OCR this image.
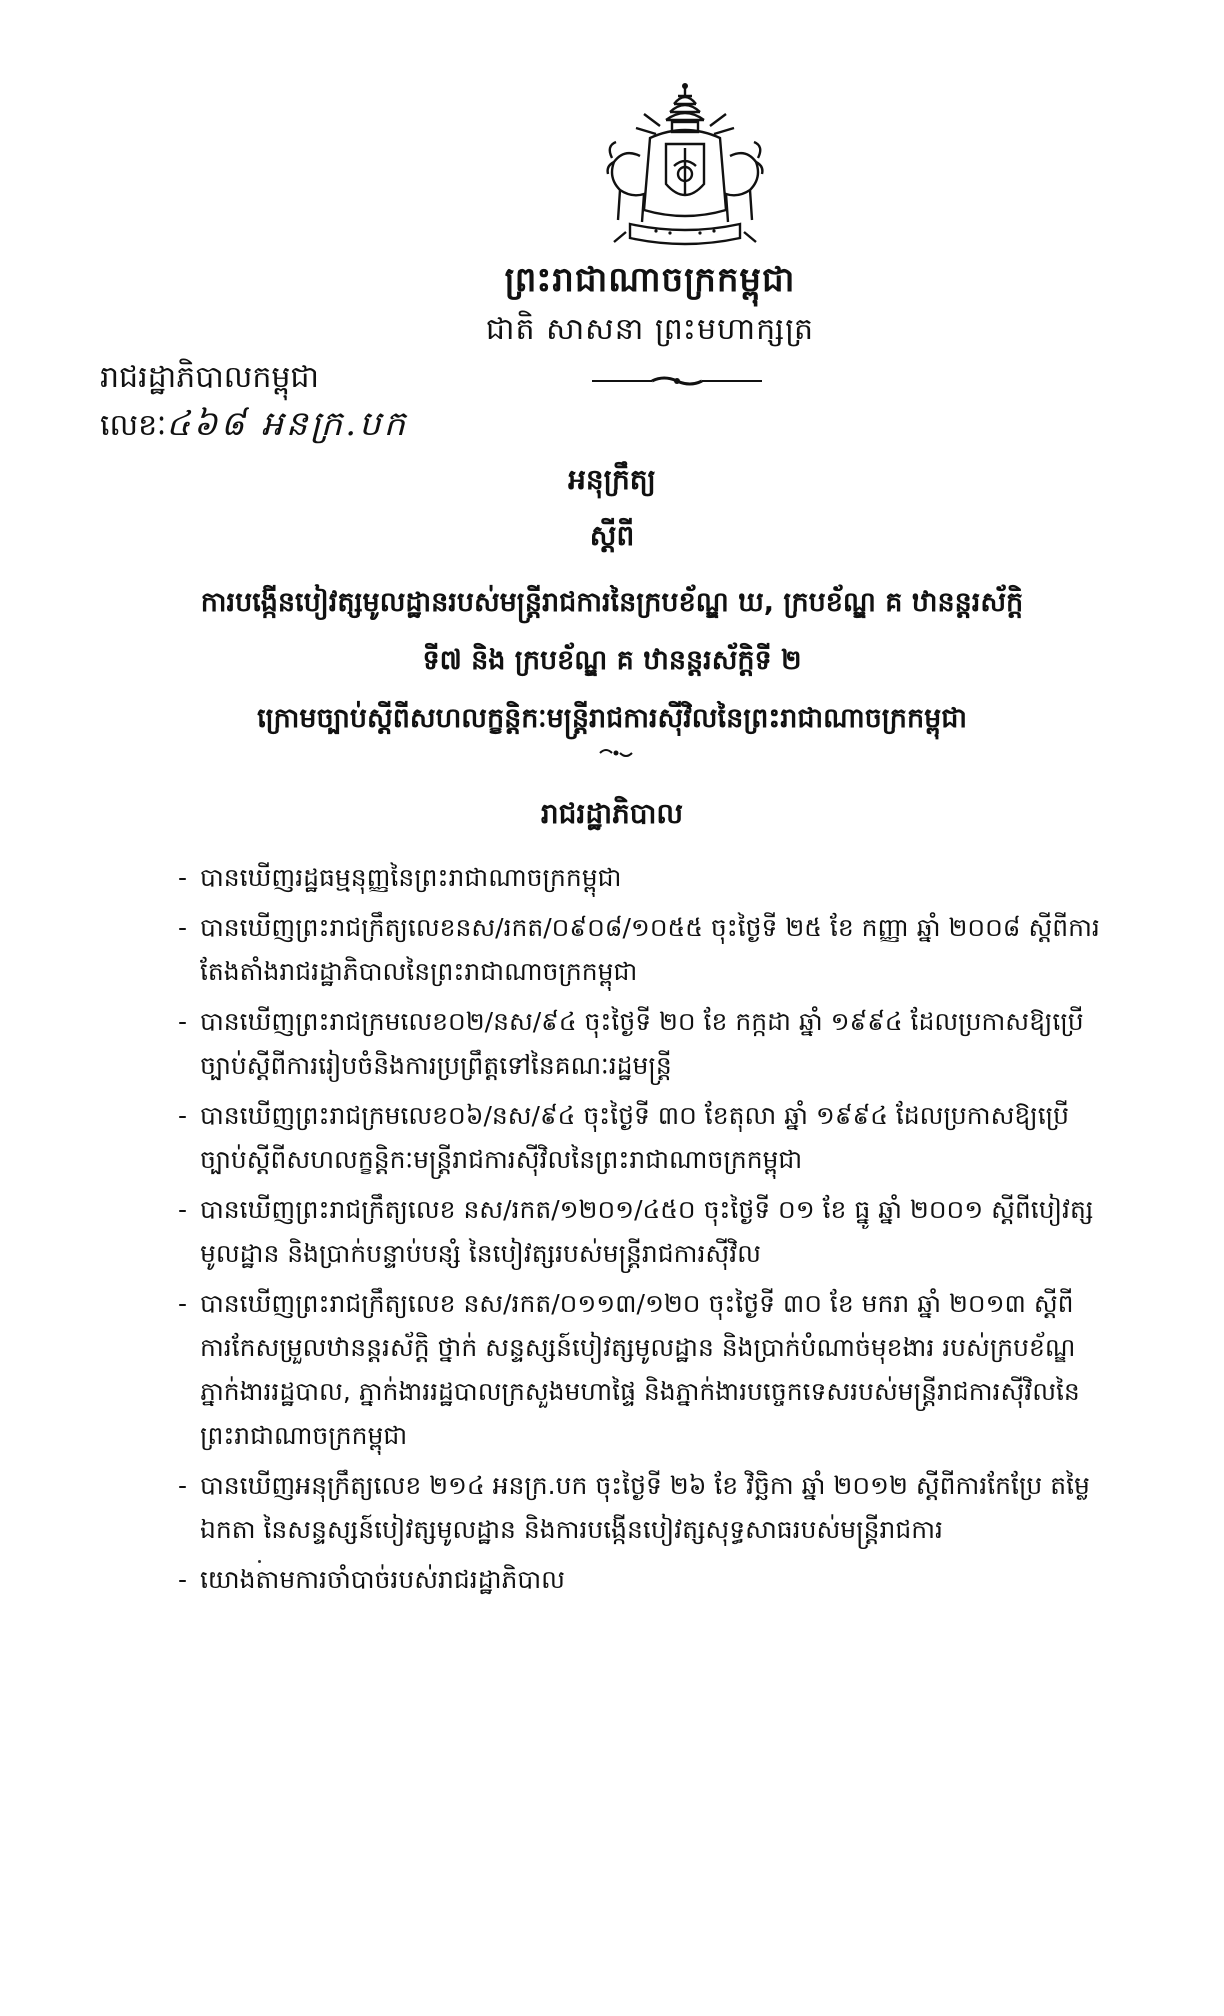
ព្រះរាជាណាចក្រកម្ពុជា
ជាតិ សាសនា ព្រះមហាក្សត្រ
រាជរដ្ឋាភិបាលកម្ពុជា
លេខៈ៤៦៨ អនក្រ.បក
អនុក្រឹត្យ
ស្តីពី
ការបង្កើនបៀវត្សមូលដ្ឋានរបស់មន្ត្រីរាជការនៃក្របខ័ណ្ឌ ឃ, ក្របខ័ណ្ឌ គ ឋានន្តរស័ក្តិ
ទី៧ និង ក្របខ័ណ្ឌ គ ឋានន្តរស័ក្តិទី ២
ក្រោមច្បាប់ស្តីពីសហលក្ខន្តិកៈមន្ត្រីរាជការស៊ីវិលនៃព្រះរាជាណាចក្រកម្ពុជា
រាជរដ្ឋាភិបាល
- បានឃើញរដ្ឋធម្មនុញ្ញនៃព្រះរាជាណាចក្រកម្ពុជា
- បានឃើញព្រះរាជក្រឹត្យលេខនស/រកត/០៩០៨/១០៥៥ ចុះថ្ងៃទី ២៥ ខែ កញ្ញា ឆ្នាំ ២០០៨ ស្តីពីការតែងតាំងរាជរដ្ឋាភិបាលនៃព្រះរាជាណាចក្រកម្ពុជា
- បានឃើញព្រះរាជក្រមលេខ០២/នស/៩៤ ចុះថ្ងៃទី ២០ ខែ កក្កដា ឆ្នាំ ១៩៩៤ ដែលប្រកាសឱ្យប្រើច្បាប់ស្តីពីការរៀបចំនិងការប្រព្រឹត្តទៅនៃគណៈរដ្ឋមន្ត្រី
- បានឃើញព្រះរាជក្រមលេខ០៦/នស/៩៤ ចុះថ្ងៃទី ៣០ ខែតុលា ឆ្នាំ ១៩៩៤ ដែលប្រកាសឱ្យប្រើច្បាប់ស្តីពីសហលក្ខន្តិកៈមន្ត្រីរាជការស៊ីវិលនៃព្រះរាជាណាចក្រកម្ពុជា
- បានឃើញព្រះរាជក្រឹត្យលេខ នស/រកត/១២០១/៤៥០ ចុះថ្ងៃទី ០១ ខែ ធ្នូ ឆ្នាំ ២០០១ ស្តីពីបៀវត្សមូលដ្ឋាន និងប្រាក់បន្ទាប់បន្សំ នៃបៀវត្សរបស់មន្ត្រីរាជការស៊ីវិល
- បានឃើញព្រះរាជក្រឹត្យលេខ នស/រកត/០១១៣/១២០ ចុះថ្ងៃទី ៣០ ខែ មករា ឆ្នាំ ២០១៣ ស្តីពីការកែសម្រួលឋានន្តរស័ក្តិ ថ្នាក់ សន្ទស្សន៍បៀវត្សមូលដ្ឋាន និងប្រាក់បំណាច់មុខងារ របស់ក្របខ័ណ្ឌភ្នាក់ងាររដ្ឋបាល, ភ្នាក់ងាររដ្ឋបាលក្រសួងមហាផ្ទៃ និងភ្នាក់ងារបច្ចេកទេសរបស់មន្ត្រីរាជការស៊ីវិលនៃព្រះរាជាណាចក្រកម្ពុជា
- បានឃើញអនុក្រឹត្យលេខ ២១៤ អនក្រ.បក ចុះថ្ងៃទី ២៦ ខែ វិច្ឆិកា ឆ្នាំ ២០១២ ស្តីពីការកែប្រែ តម្លៃឯកតា នៃសន្ទស្សន៍បៀវត្សមូលដ្ឋាន និងការបង្កើនបៀវត្សសុទ្ធសាធរបស់មន្ត្រីរាជការ
- យោងតាមការចាំបាច់របស់រាជរដ្ឋាភិបាល
